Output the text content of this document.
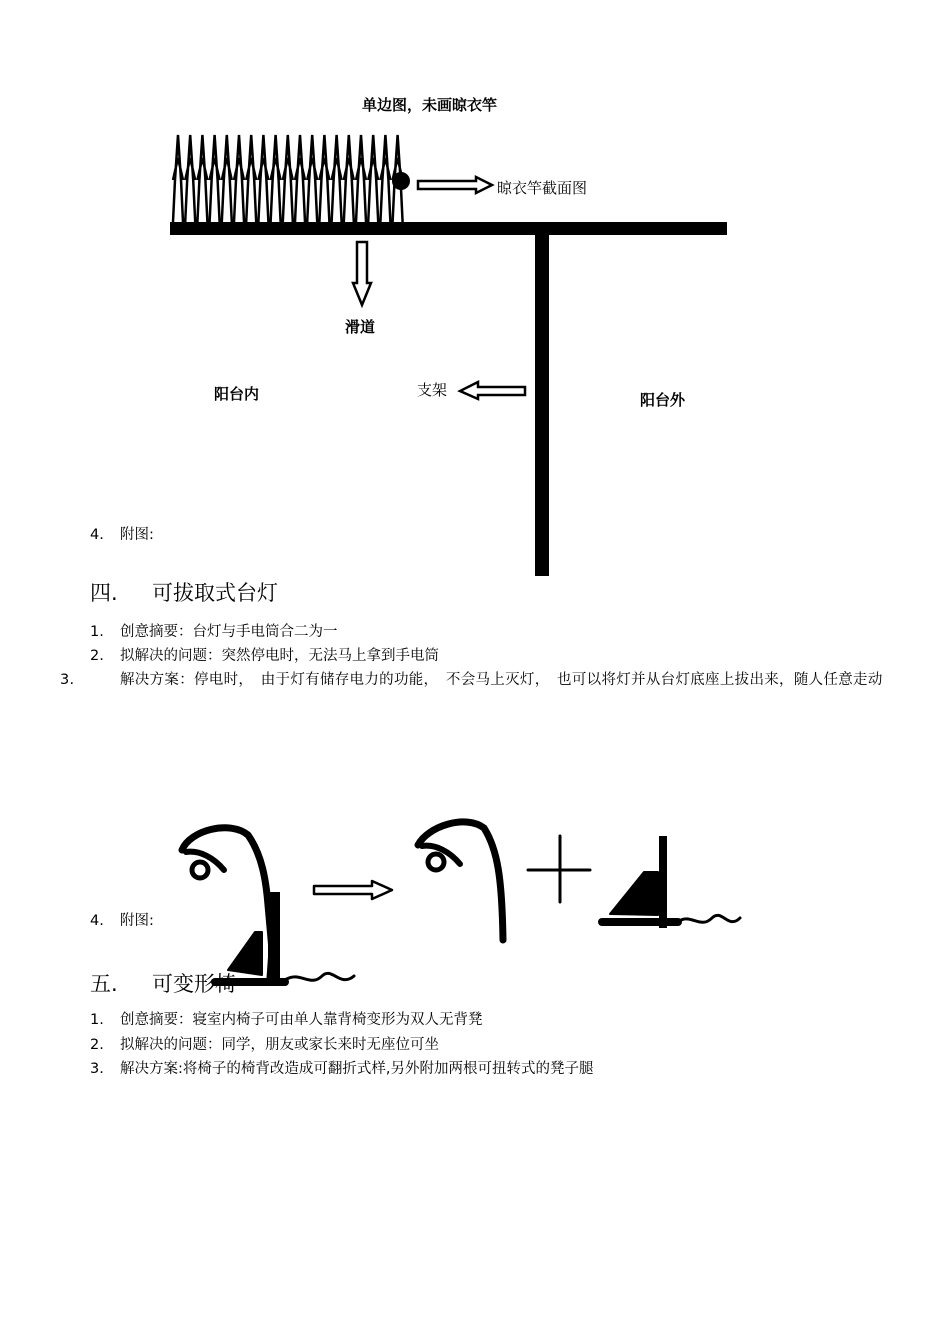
单边图，未画晾衣竿
晾衣竿截面图
滑道
阳台内	支架
阳台外
4. 附图:
四. 可拔取式台灯
1. 创意摘要：台灯与手电筒合二为一
2. 拟解决的问题：突然停电时，无法马上拿到手电筒
3.	解决方案：停电时，　由于灯有储存电力的功能，　不会马上灭灯，　也可以将灯并从台灯底座上拔出来，随人任意走动
4. 附图:
五. 可变形椅
1. 创意摘要：寝室内椅子可由单人靠背椅变形为双人无背凳
2. 拟解决的问题：同学，朋友或家长来时无座位可坐
3. 解决方案:将椅子的椅背改造成可翻折式样,另外附加两根可扭转式的凳子腿
